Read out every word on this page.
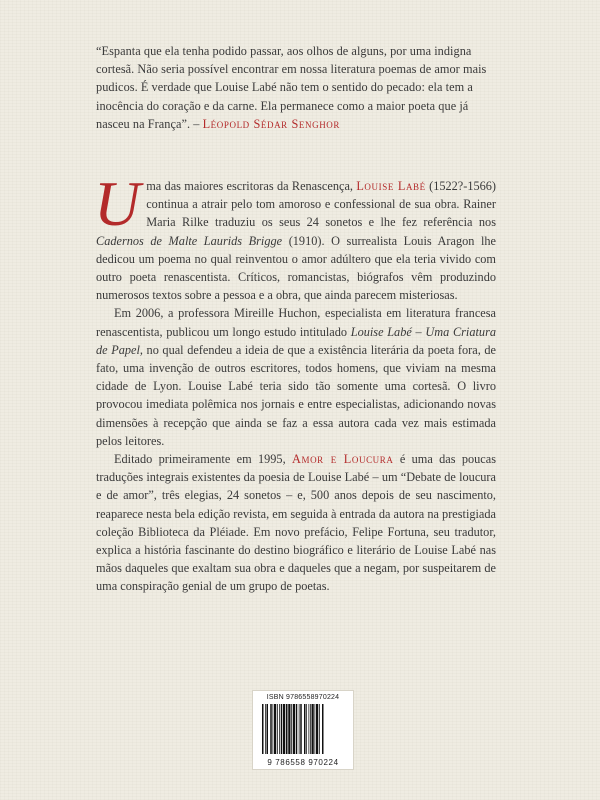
“Espanta que ela tenha podido passar, aos olhos de alguns, por uma indigna cortesã. Não seria possível encontrar em nossa literatura poemas de amor mais pudicos. É verdade que Louise Labé não tem o sentido do pecado: ela tem a inocência do coração e da carne. Ela permanece como a maior poeta que já nasceu na França”. – Léopold Sédar Senghor

Uma das maiores escritoras da Renascença, Louise Labé (1522?-1566) continua a atrair pelo tom amoroso e confessional de sua obra. Rainer Maria Rilke traduziu os seus 24 sonetos e lhe fez referência nos Cadernos de Malte Laurids Brigge (1910). O surrealista Louis Aragon lhe dedicou um poema no qual reinventou o amor adúltero que ela teria vivido com outro poeta renascentista. Críticos, romancistas, biógrafos vêm produzindo numerosos textos sobre a pessoa e a obra, que ainda parecem misteriosas.

Em 2006, a professora Mireille Huchon, especialista em literatura francesa renascentista, publicou um longo estudo intitulado Louise Labé – Uma Criatura de Papel, no qual defendeu a ideia de que a existência literária da poeta fora, de fato, uma invenção de outros escritores, todos homens, que viviam na mesma cidade de Lyon. Louise Labé teria sido tão somente uma cortesã. O livro provocou imediata polêmica nos jornais e entre especialistas, adicionando novas dimensões à recepção que ainda se faz a essa autora cada vez mais estimada pelos leitores.

Editado primeiramente em 1995, Amor e Loucura é uma das poucas traduções integrais existentes da poesia de Louise Labé – um “Debate de loucura e de amor”, três elegias, 24 sonetos – e, 500 anos depois de seu nascimento, reaparece nesta bela edição revista, em seguida à entrada da autora na prestigiada coleção Biblioteca da Pléiade. Em novo prefácio, Felipe Fortuna, seu tradutor, explica a história fascinante do destino biográfico e literário de Louise Labé nas mãos daqueles que exaltam sua obra e daqueles que a negam, por suspeitarem de uma conspiração genial de um grupo de poetas.

ISBN 9786558970224
9 786558 970224
